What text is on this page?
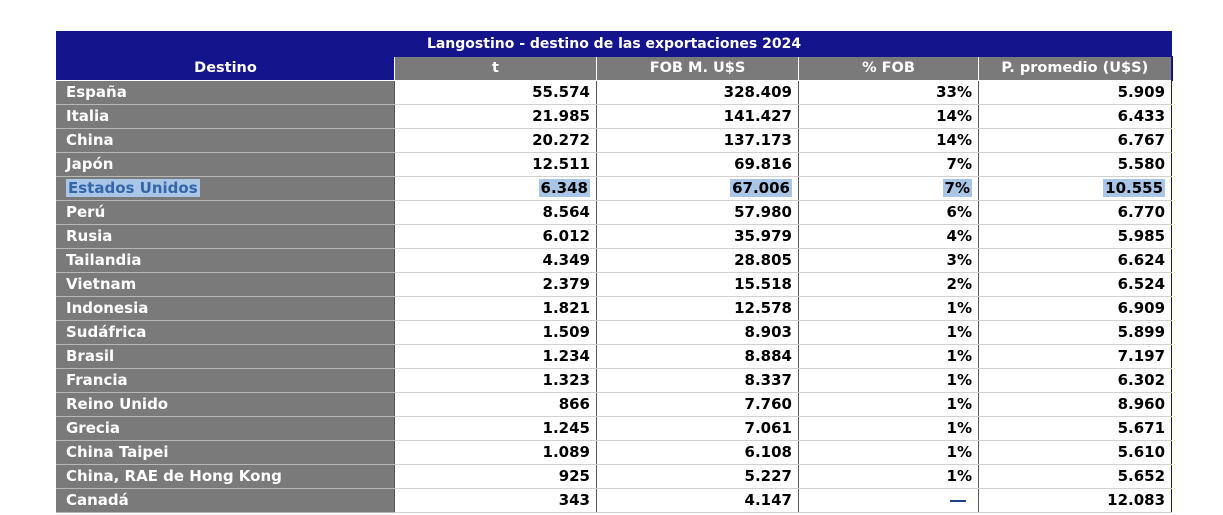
Langostino - destino de las exportaciones 2024				
Destino	t	FOB M. U$S	% FOB	P. promedio (U$S)
España	55.574	328.409	33%	5.909
Italia	21.985	141.427	14%	6.433
China	20.272	137.173	14%	6.767
Japón	12.511	69.816	7%	5.580
Estados Unidos	6.348	67.006	7%	10.555
Perú	8.564	57.980	6%	6.770
Rusia	6.012	35.979	4%	5.985
Tailandia	4.349	28.805	3%	6.624
Vietnam	2.379	15.518	2%	6.524
Indonesia	1.821	12.578	1%	6.909
Sudáfrica	1.509	8.903	1%	5.899
Brasil	1.234	8.884	1%	7.197
Francia	1.323	8.337	1%	6.302
Reino Unido	866	7.760	1%	8.960
Grecia	1.245	7.061	1%	5.671
China Taipei	1.089	6.108	1%	5.610
China, RAE de Hong Kong	925	5.227	1%	5.652
Canadá	343	4.147		12.083
